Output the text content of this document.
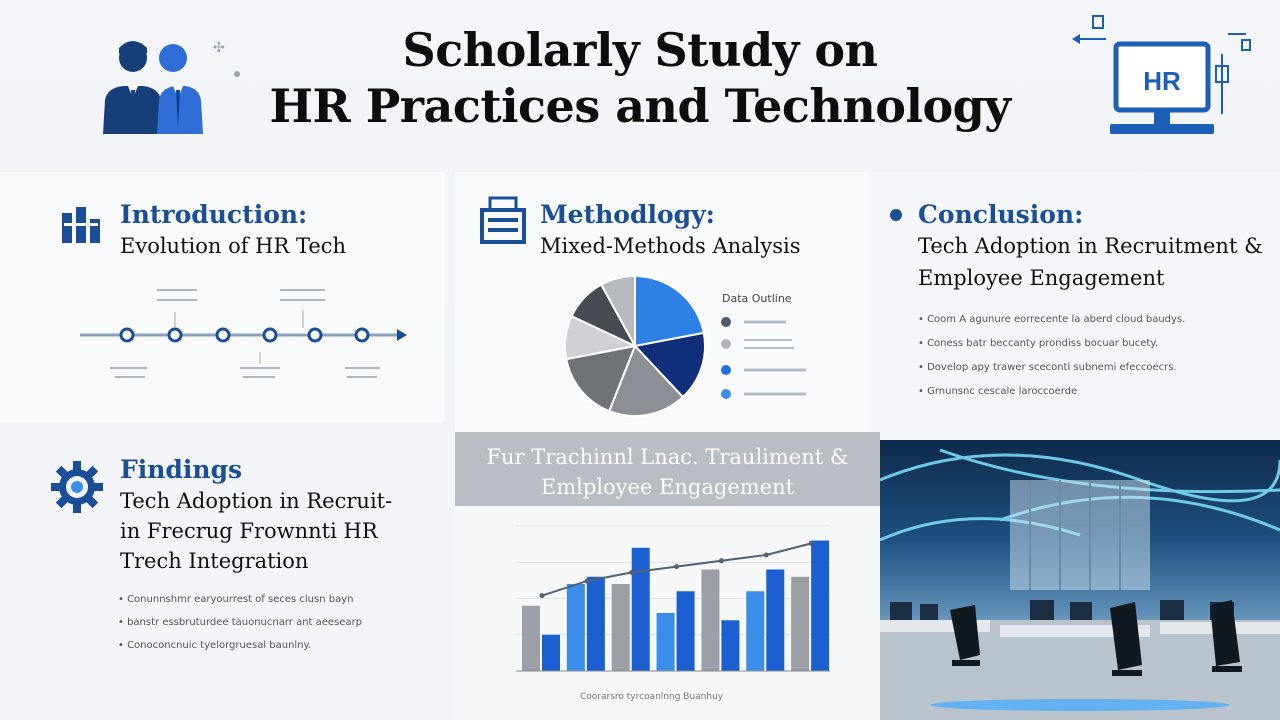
Scholarly Study on
HR Practices and Technology
✣
HR
Introduction:
Evolution of HR Tech
Methodlogy:
Mixed-Methods Analysis
Data Outline
Conclusion:
Tech Adoption in Recruitment &
Employee Engagement
• Coom A agunure eorrecente la aberd cloud baudys.
• Coness batr beccanty prondiss bocuar bucety.
• Dovelop apy trawer scecontl subnemi efeccoecrs.
• Grnunsnc cescale laroccoerde
Findings
Tech Adoption in Recruit-
in Frecrug Frownnti HR
Trech Integration
• Conunnshmr earyourrest of seces clusn bayn
• banstr essbruturdee tauonucnarr ant aeesearp
• Conoconcnuic tyelorgruesal baunlny.
Fur Trachinnl Lnac. Trauliment &
Emlployee Engagement
Coorarsro tyrcoanlnng Buanhuy
